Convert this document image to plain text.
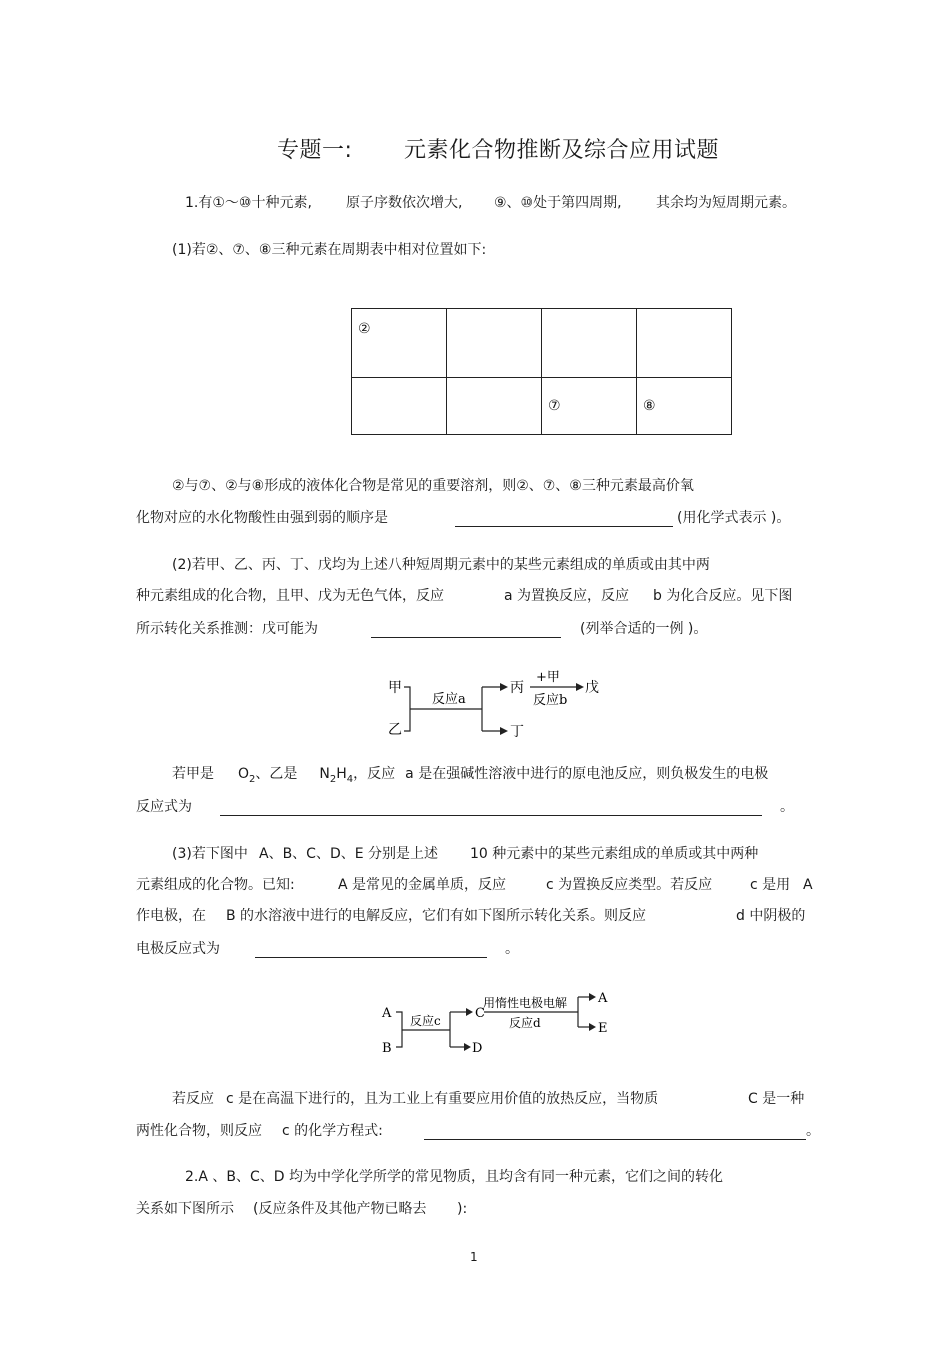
专题一: 元素化合物推断及综合应用试题
1.有①～⑩十种元素, 原子序数依次增大, ⑨、⑩处于第四周期, 其余均为短周期元素。
(1)若②、⑦、⑧三种元素在周期表中相对位置如下:
②			
		⑦	⑧
②与⑦、②与⑧形成的液体化合物是常见的重要溶剂，则②、⑦、⑧三种元素最高价氧
化物对应的水化物酸性由强到弱的顺序是	(用化学式表示 )。
(2)若甲、乙、丙、丁、戊均为上述八种短周期元素中的某些元素组成的单质或由其中两
种元素组成的化合物，且甲、戊为无色气体，反应	a 为置换反应，反应 b 为化合反应。见下图
所示转化关系推测：戊可能为	(列举合适的一例 )。
甲
乙
反应a
丙
丁
+甲
反应b
戊
若甲是 $O_2$、乙是 $N_2H_4$，反应 a 是在强碱性溶液中进行的原电池反应，则负极发生的电极
反应式为	。
(3)若下图中 A、B、C、D、E 分别是上述 10 种元素中的某些元素组成的单质或其中两种
元素组成的化合物。已知:	A 是常见的金属单质，反应	c 为置换反应类型。若反应	c 是用 A
作电极，在 B 的水溶液中进行的电解反应，它们有如下图所示转化关系。则反应	d 中阴极的
电极反应式为	。
A
B
反应c	C
D
用惰性电极电解
反应d
A
E
若反应 c 是在高温下进行的，且为工业上有重要应用价值的放热反应，当物质	C 是一种
两性化合物，则反应 c 的化学方程式:	。
2.A 、B、C、D 均为中学化学所学的常见物质，且均含有同一种元素，它们之间的转化
关系如下图所示 (反应条件及其他产物已略去 ):
1
